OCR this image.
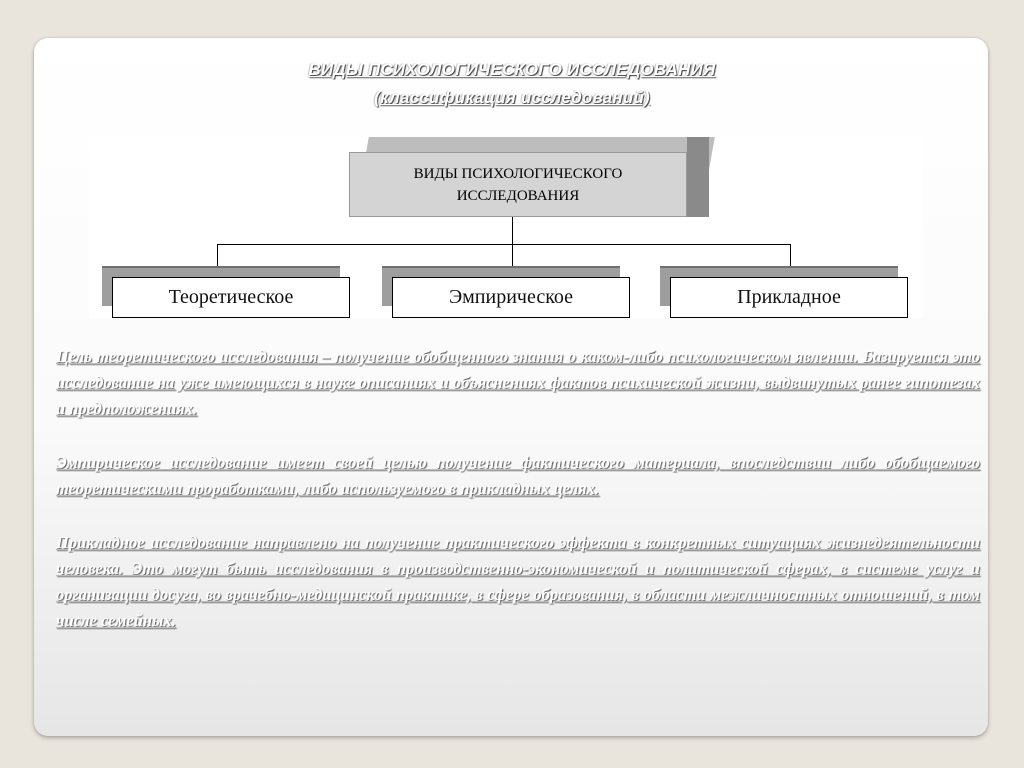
ВИДЫ ПСИХОЛОГИЧЕСКОГО ИССЛЕДОВАНИЯ
(классификация исследований)
ВИДЫ ПСИХОЛОГИЧЕСКОГО
ИССЛЕДОВАНИЯ
Теоретическое	Эмпирическое	Прикладное
Цель теоретического исследования – получение обобщенного знания о каком-либо психологическом явлении. Базируется это исследование на уже имеющихся в науке описаниях и объяснениях фактов психической жизни, выдвинутых ранее гипотезах и предположениях.
Эмпирическое исследование имеет своей целью получение фактического материала, впоследствии либо обобщаемого теоретическими проработками, либо используемого в прикладных целях.
Прикладное исследование направлено на получение практического эффекта в конкретных ситуациях жизнедеятельности человека. Это могут быть исследования в производственно-экономической и политической сферах, в системе услуг и организации досуга, во врачебно-медицинской практике, в сфере образования, в области межличностных отношений, в том числе семейных.
